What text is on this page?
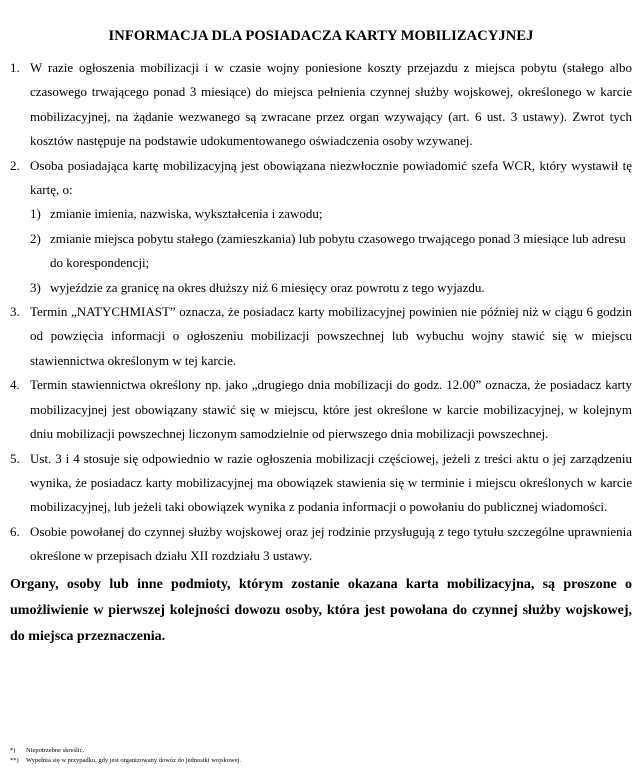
INFORMACJA DLA POSIADACZA KARTY MOBILIZACYJNEJ
1. W razie ogłoszenia mobilizacji i w czasie wojny poniesione koszty przejazdu z miejsca pobytu (stałego albo czasowego trwającego ponad 3 miesiące) do miejsca pełnienia czynnej służby wojskowej, określonego w karcie mobilizacyjnej, na żądanie wezwanego są zwracane przez organ wzywający (art. 6 ust. 3 ustawy). Zwrot tych kosztów następuje na podstawie udokumentowanego oświadczenia osoby wzywanej.
2. Osoba posiadająca kartę mobilizacyjną jest obowiązana niezwłocznie powiadomić szefa WCR, który wystawił tę kartę, o:
1) zmianie imienia, nazwiska, wykształcenia i zawodu;
2) zmianie miejsca pobytu stałego (zamieszkania) lub pobytu czasowego trwającego ponad 3 miesiące lub adresu do korespondencji;
3) wyjeździe za granicę na okres dłuższy niż 6 miesięcy oraz powrotu z tego wyjazdu.
3. Termin „NATYCHMIAST” oznacza, że posiadacz karty mobilizacyjnej powinien nie później niż w ciągu 6 godzin od powzięcia informacji o ogłoszeniu mobilizacji powszechnej lub wybuchu wojny stawić się w miejscu stawiennictwa określonym w tej karcie.
4. Termin stawiennictwa określony np. jako „drugiego dnia mobilizacji do godz. 12.00” oznacza, że posiadacz karty mobilizacyjnej jest obowiązany stawić się w miejscu, które jest określone w karcie mobilizacyjnej, w kolejnym dniu mobilizacji powszechnej liczonym samodzielnie od pierwszego dnia mobilizacji powszechnej.
5. Ust. 3 i 4 stosuje się odpowiednio w razie ogłoszenia mobilizacji częściowej, jeżeli z treści aktu o jej zarządzeniu wynika, że posiadacz karty mobilizacyjnej ma obowiązek stawienia się w terminie i miejscu określonych w karcie mobilizacyjnej, lub jeżeli taki obowiązek wynika z podania informacji o powołaniu do publicznej wiadomości.
6. Osobie powołanej do czynnej służby wojskowej oraz jej rodzinie przysługują z tego tytułu szczególne uprawnienia określone w przepisach działu XII rozdziału 3 ustawy.
Organy, osoby lub inne podmioty, którym zostanie okazana karta mobilizacyjna, są proszone o umożliwienie w pierwszej kolejności dowozu osoby, która jest powołana do czynnej służby wojskowej, do miejsca przeznaczenia.
*) Niepotrzebne skreślić.
**) Wypełnia się w przypadku, gdy jest organizowany dowóz do jednostki wojskowej.
